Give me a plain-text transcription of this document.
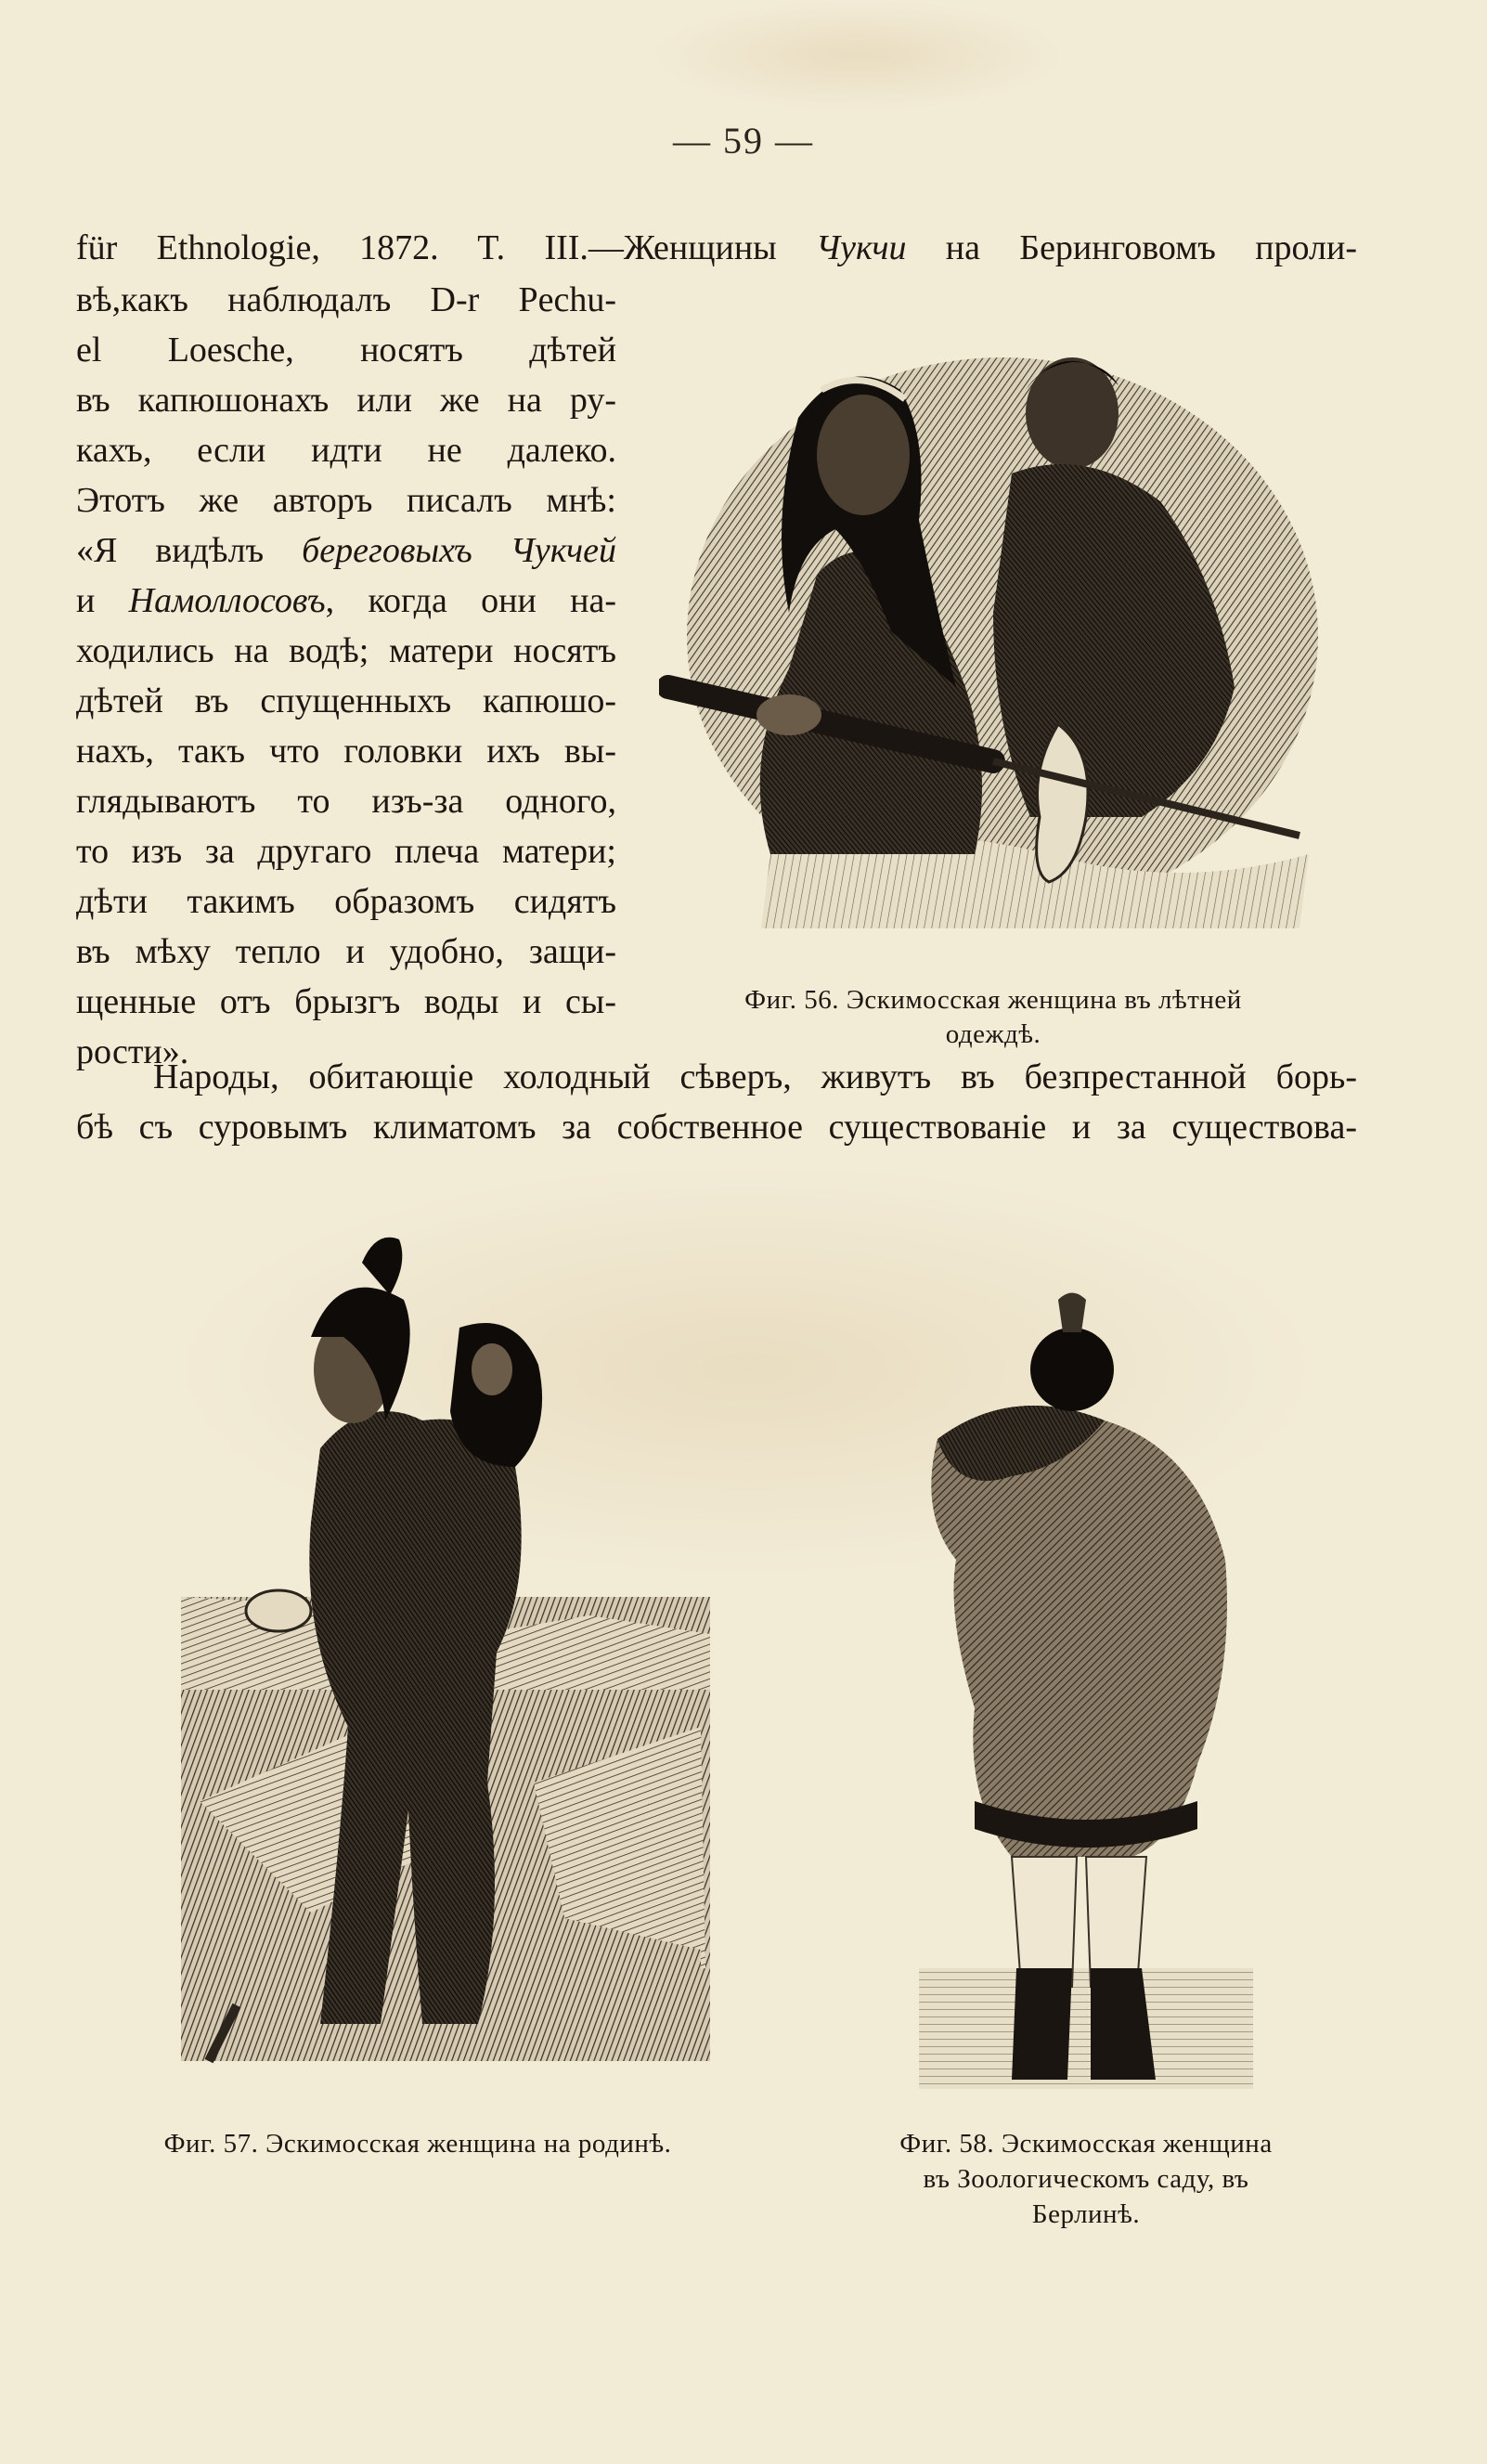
— 59 —
für Ethnologie, 1872. T. III.—Женщины Чукчи на Беринговомъ проли-
вѣ,какъ наблюдалъ D-r Pechu-
el Loesche, носятъ дѣтей
въ капюшонахъ или же на ру-
кахъ, если идти не далеко.
Этотъ же авторъ писалъ мнѣ:
«Я видѣлъ береговыхъ Чукчей
и Намоллосовъ, когда они на-
ходились на водѣ; матери носятъ
дѣтей въ спущенныхъ капюшо-
нахъ, такъ что головки ихъ вы-
глядываютъ то изъ-за одного,
то изъ за другаго плеча матери;
дѣти такимъ образомъ сидятъ
въ мѣху тепло и удобно, защи-
щенные отъ брызгъ воды и сы-
рости».
Фиг. 56. Эскимосская женщина въ лѣтней
одеждѣ.
Народы, обитающіе холодный сѣверъ, живутъ въ безпрестанной борь-
бѣ съ суровымъ климатомъ за собственное существованіе и за существова-
Фиг. 57. Эскимосская женщина на родинѣ.	Фиг. 58. Эскимосская женщина
въ Зоологическомъ саду, въ
Берлинѣ.
